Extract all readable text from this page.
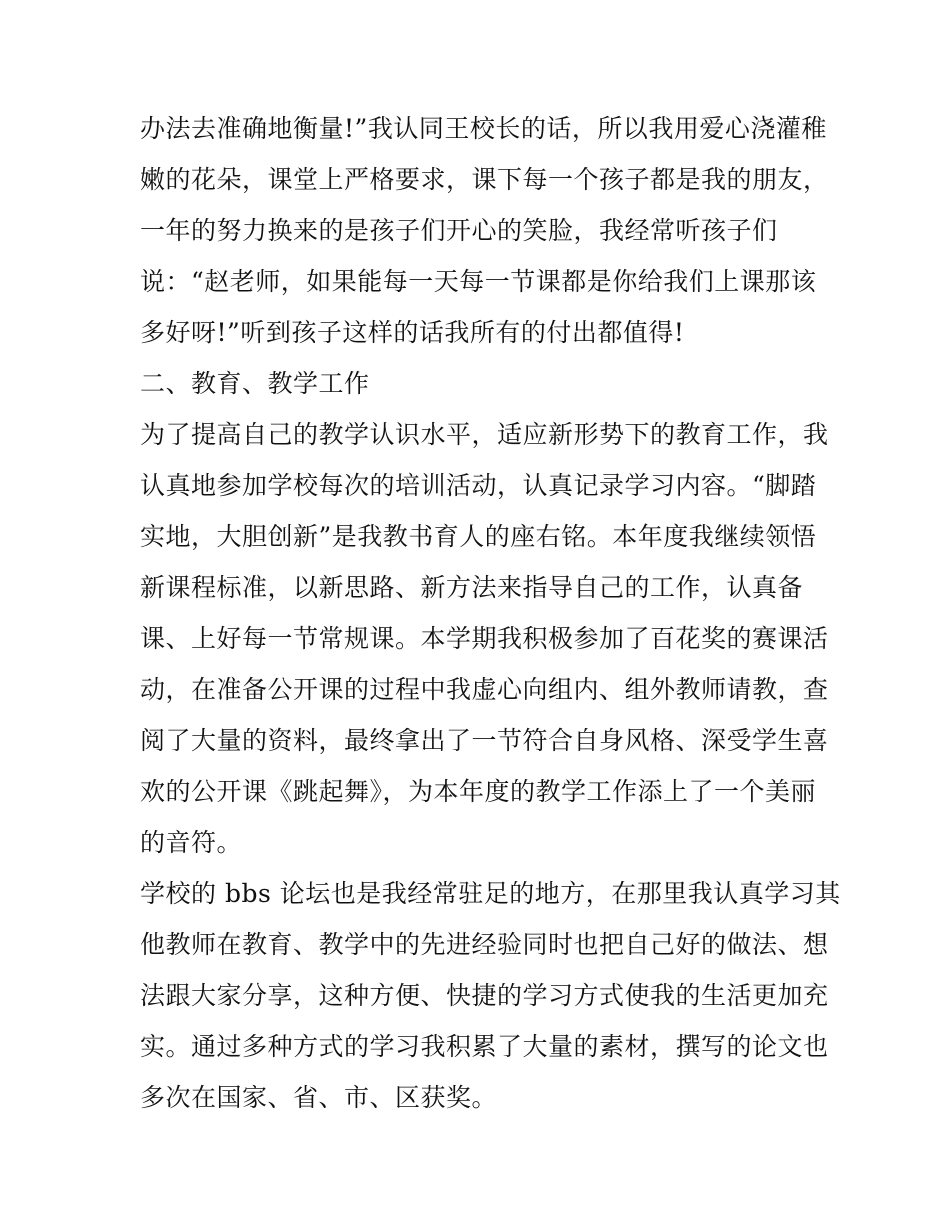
办法去准确地衡量!”我认同王校长的话，所以我用爱心浇灌稚
嫩的花朵，课堂上严格要求，课下每一个孩子都是我的朋友，
一年的努力换来的是孩子们开心的笑脸，我经常听孩子们
说：“赵老师，如果能每一天每一节课都是你给我们上课那该
多好呀!”听到孩子这样的话我所有的付出都值得!
二、教育、教学工作
为了提高自己的教学认识水平，适应新形势下的教育工作，我
认真地参加学校每次的培训活动，认真记录学习内容。“脚踏
实地，大胆创新”是我教书育人的座右铭。本年度我继续领悟
新课程标准，以新思路、新方法来指导自己的工作，认真备
课、上好每一节常规课。本学期我积极参加了百花奖的赛课活
动，在准备公开课的过程中我虚心向组内、组外教师请教，查
阅了大量的资料，最终拿出了一节符合自身风格、深受学生喜
欢的公开课《跳起舞》，为本年度的教学工作添上了一个美丽
的音符。
学校的 bbs 论坛也是我经常驻足的地方，在那里我认真学习其
他教师在教育、教学中的先进经验同时也把自己好的做法、想
法跟大家分享，这种方便、快捷的学习方式使我的生活更加充
实。通过多种方式的学习我积累了大量的素材，撰写的论文也
多次在国家、省、市、区获奖。
